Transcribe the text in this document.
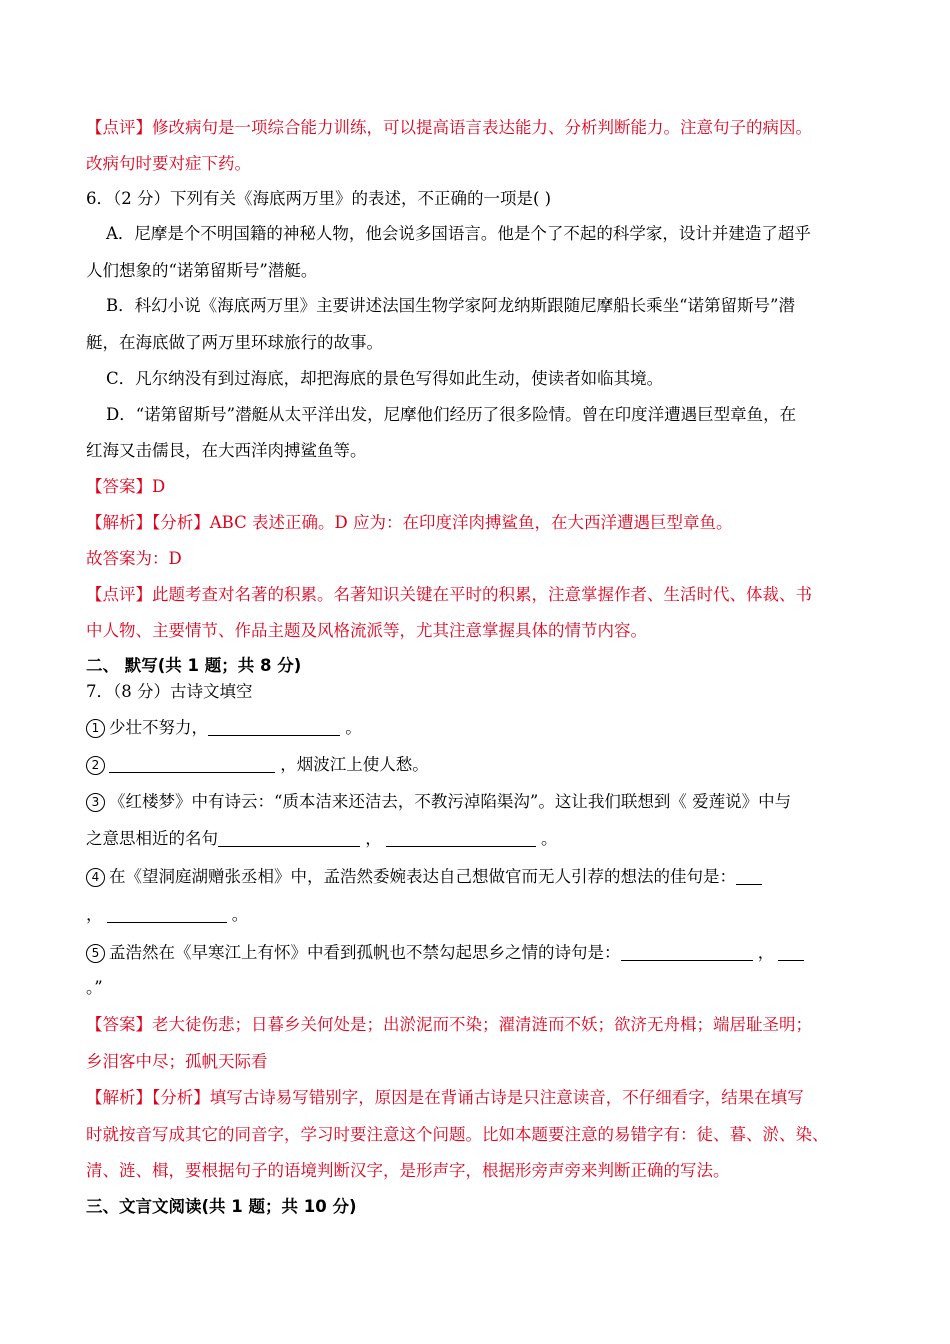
【点评】修改病句是一项综合能力训练，可以提高语言表达能力、分析判断能力。注意句子的病因。
改病句时要对症下药。
6．（2 分）下列有关《海底两万里》的表述，不正确的一项是( )
A．尼摩是个不明国籍的神秘人物，他会说多国语言。他是个了不起的科学家，设计并建造了超乎
人们想象的“诺第留斯号”潜艇。
B．科幻小说《海底两万里》主要讲述法国生物学家阿龙纳斯跟随尼摩船长乘坐“诺第留斯号”潜
艇，在海底做了两万里环球旅行的故事。
C．凡尔纳没有到过海底，却把海底的景色写得如此生动，使读者如临其境。
D．“诺第留斯号”潜艇从太平洋出发，尼摩他们经历了很多险情。曾在印度洋遭遇巨型章鱼，在
红海又击儒艮，在大西洋肉搏鲨鱼等。
【答案】D
【解析】【分析】ABC 表述正确。D 应为：在印度洋肉搏鲨鱼，在大西洋遭遇巨型章鱼。
故答案为：D
【点评】此题考查对名著的积累。名著知识关键在平时的积累，注意掌握作者、生活时代、体裁、书
中人物、主要情节、作品主题及风格流派等，尤其注意掌握具体的情节内容。
二、 默写(共 1 题；共 8 分)
7．（8 分）古诗文填空
1 少壮不努力，	。
2	，烟波江上使人愁。
3 《红楼梦》中有诗云：“质本洁来还洁去，不教污淖陷渠沟”。这让我们联想到《 爱莲说》中与
之意思相近的名句	，	。
4 在《望洞庭湖赠张丞相》中，孟浩然委婉表达自己想做官而无人引荐的想法的佳句是：
，	。
5 孟浩然在《早寒江上有怀》中看到孤帆也不禁勾起思乡之情的诗句是：	，
。”
【答案】老大徒伤悲；日暮乡关何处是；出淤泥而不染；濯清涟而不妖；欲济无舟楫；端居耻圣明；
乡泪客中尽；孤帆天际看
【解析】【分析】填写古诗易写错别字，原因是在背诵古诗是只注意读音，不仔细看字，结果在填写
时就按音写成其它的同音字，学习时要注意这个问题。比如本题要注意的易错字有：徒、暮、淤、染、
清、涟、楫，要根据句子的语境判断汉字，是形声字，根据形旁声旁来判断正确的写法。
三、文言文阅读(共 1 题；共 10 分)
